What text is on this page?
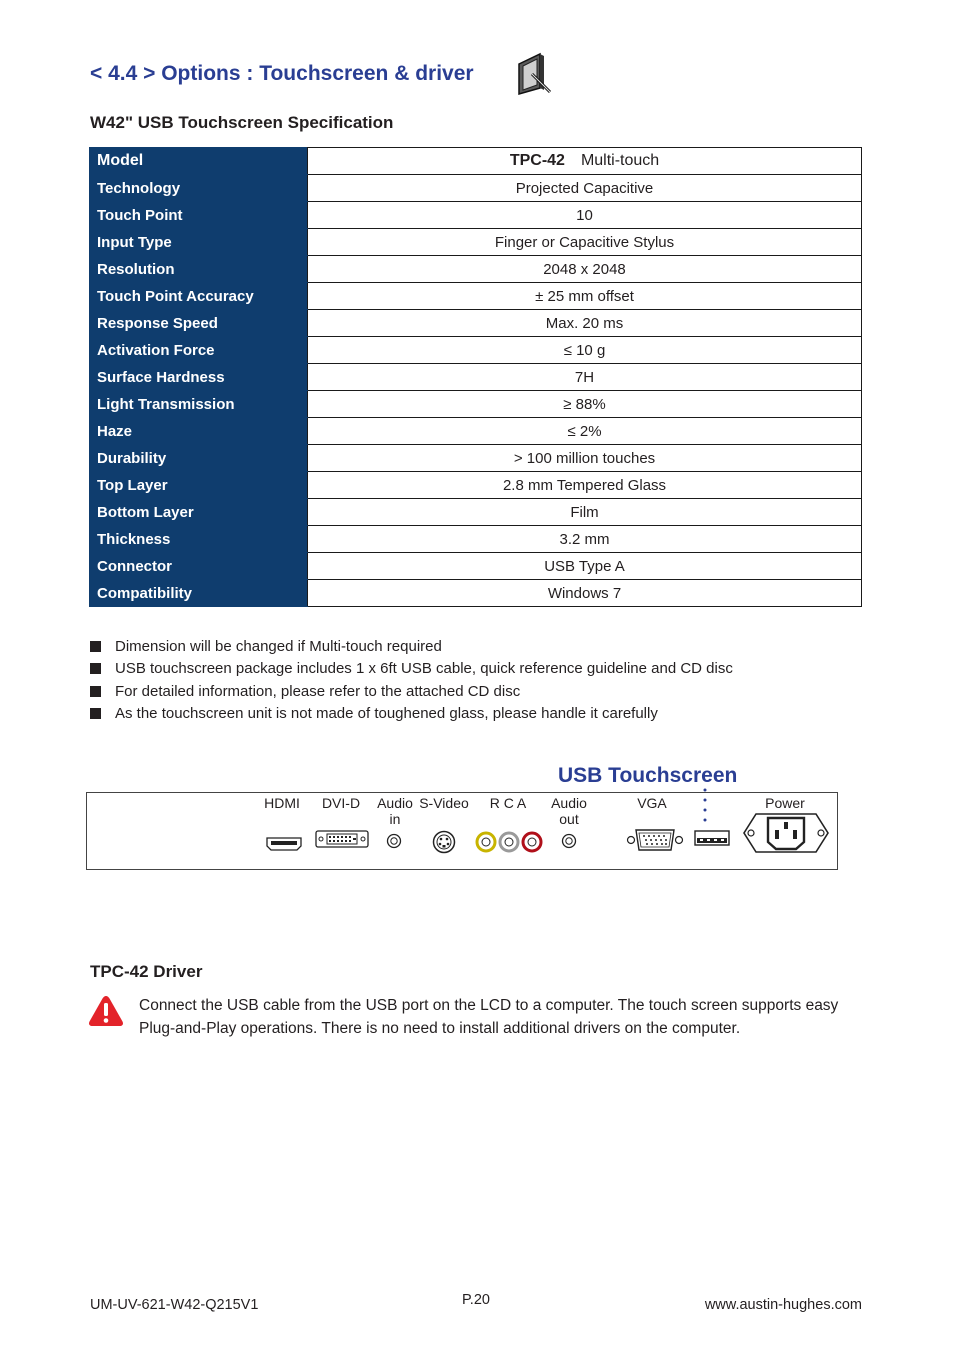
< 4.4 > Options : Touchscreen & driver
W42" USB Touchscreen Specification
Model	TPC-42 Multi-touch
Technology	Projected Capacitive
Touch Point	10
Input Type	Finger or Capacitive Stylus
Resolution	2048 x 2048
Touch Point Accuracy	± 25 mm offset
Response Speed	Max. 20 ms
Activation Force	≤ 10 g
Surface Hardness	7H
Light Transmission	≥ 88%
Haze	≤ 2%
Durability	> 100 million touches
Top Layer	2.8 mm Tempered Glass
Bottom Layer	Film
Thickness	3.2 mm
Connector	USB Type A
Compatibility	Windows 7
Dimension will be changed if Multi-touch required
USB touchscreen package includes 1 x 6ft USB cable, quick reference guideline and CD disc
For detailed information, please refer to the attached CD disc
As the touchscreen unit is not made of toughened glass, please handle it carefully
USB Touchscreen
HDMI	DVI-D	Audio
in
S-Video	R C A	Audio
out
VGA	Power
TPC-42 Driver
Connect the USB cable from the USB port on the LCD to a computer. The touch screen supports easy Plug-and-Play operations. There is no need to install additional drivers on the computer.
UM-UV-621-W42-Q215V1	P.20	www.austin-hughes.com
